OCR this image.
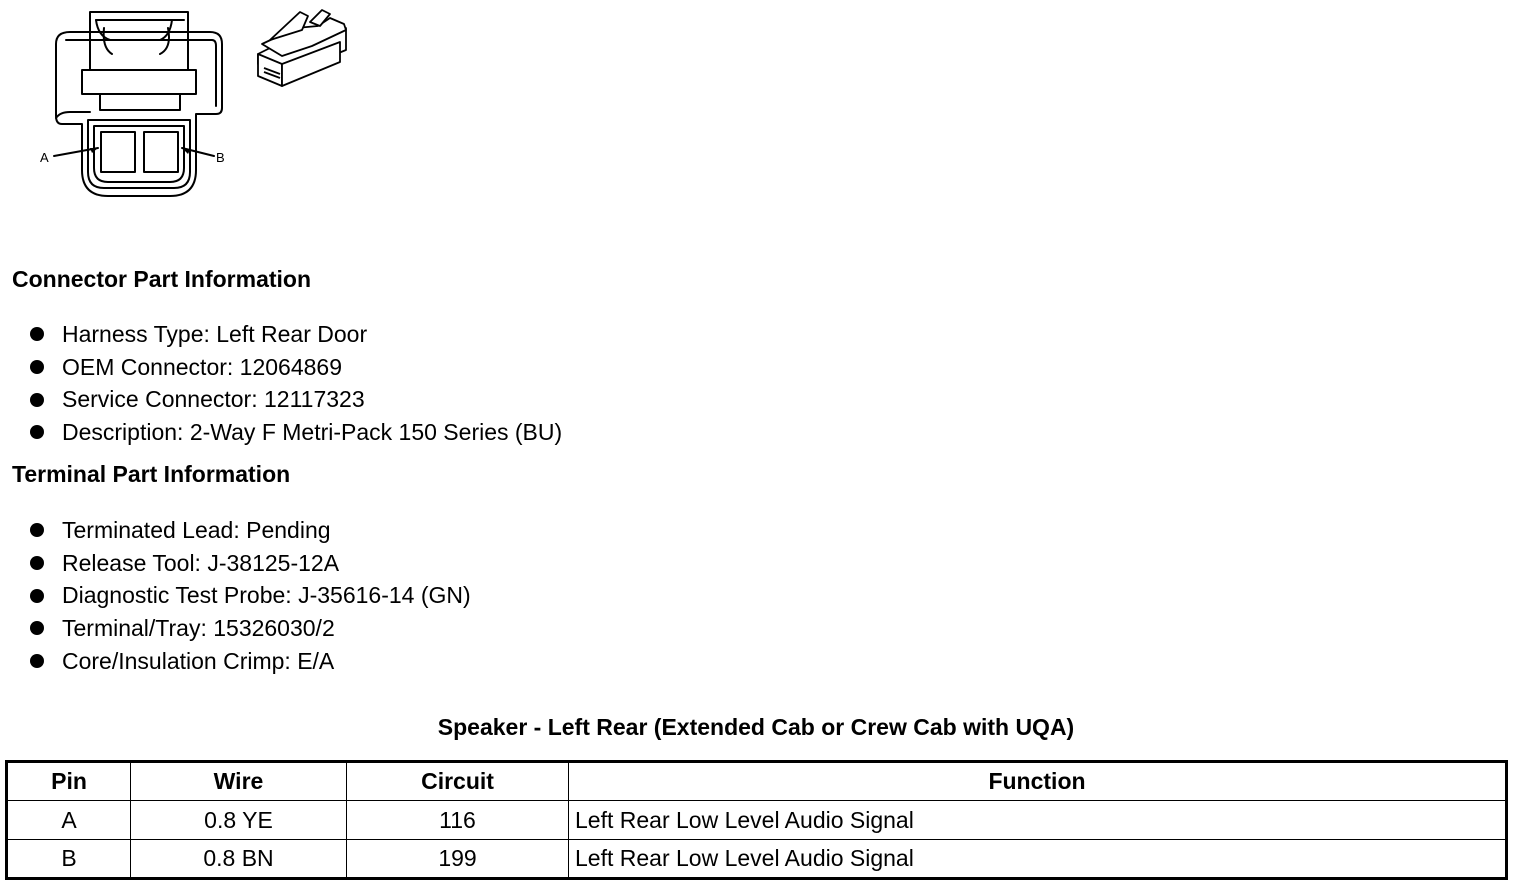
A	B
Connector Part Information
Harness Type: Left Rear Door
OEM Connector: 12064869
Service Connector: 12117323
Description: 2-Way F Metri-Pack 150 Series (BU)
Terminal Part Information
Terminated Lead: Pending
Release Tool: J-38125-12A
Diagnostic Test Probe: J-35616-14 (GN)
Terminal/Tray: 15326030/2
Core/Insulation Crimp: E/A
Speaker - Left Rear (Extended Cab or Crew Cab with UQA)
Pin	Wire	Circuit	Function
A	0.8 YE	116	Left Rear Low Level Audio Signal
B	0.8 BN	199	Left Rear Low Level Audio Signal
